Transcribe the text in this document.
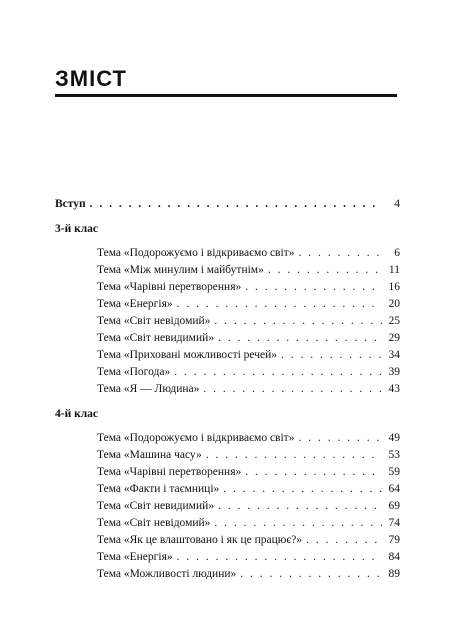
ЗМІСТ
Вступ . . .	4
3-й клас
Тема «Подорожуємо і відкриваємо світ» . . .	6
Тема «Між минулим і майбутнім» . . .	11
Тема «Чарівні перетворення» . . .	16
Тема «Енергія» . . .	20
Тема «Світ невідомий» . . .	25
Тема «Світ невидимий» . . .	29
Тема «Приховані можливості речей» . . .	34
Тема «Погода» . . .	39
Тема «Я — Людина» . . .	43
4-й клас
Тема «Подорожуємо і відкриваємо світ» . . .	49
Тема «Машина часу» . . .	53
Тема «Чарівні перетворення» . . .	59
Тема «Факти і таємниці» . . .	64
Тема «Світ невидимий» . . .	69
Тема «Світ невідомий» . . .	74
Тема «Як це влаштовано і як це працює?» . . .	79
Тема «Енергія» . . .	84
Тема «Можливості людини» . . .	89
